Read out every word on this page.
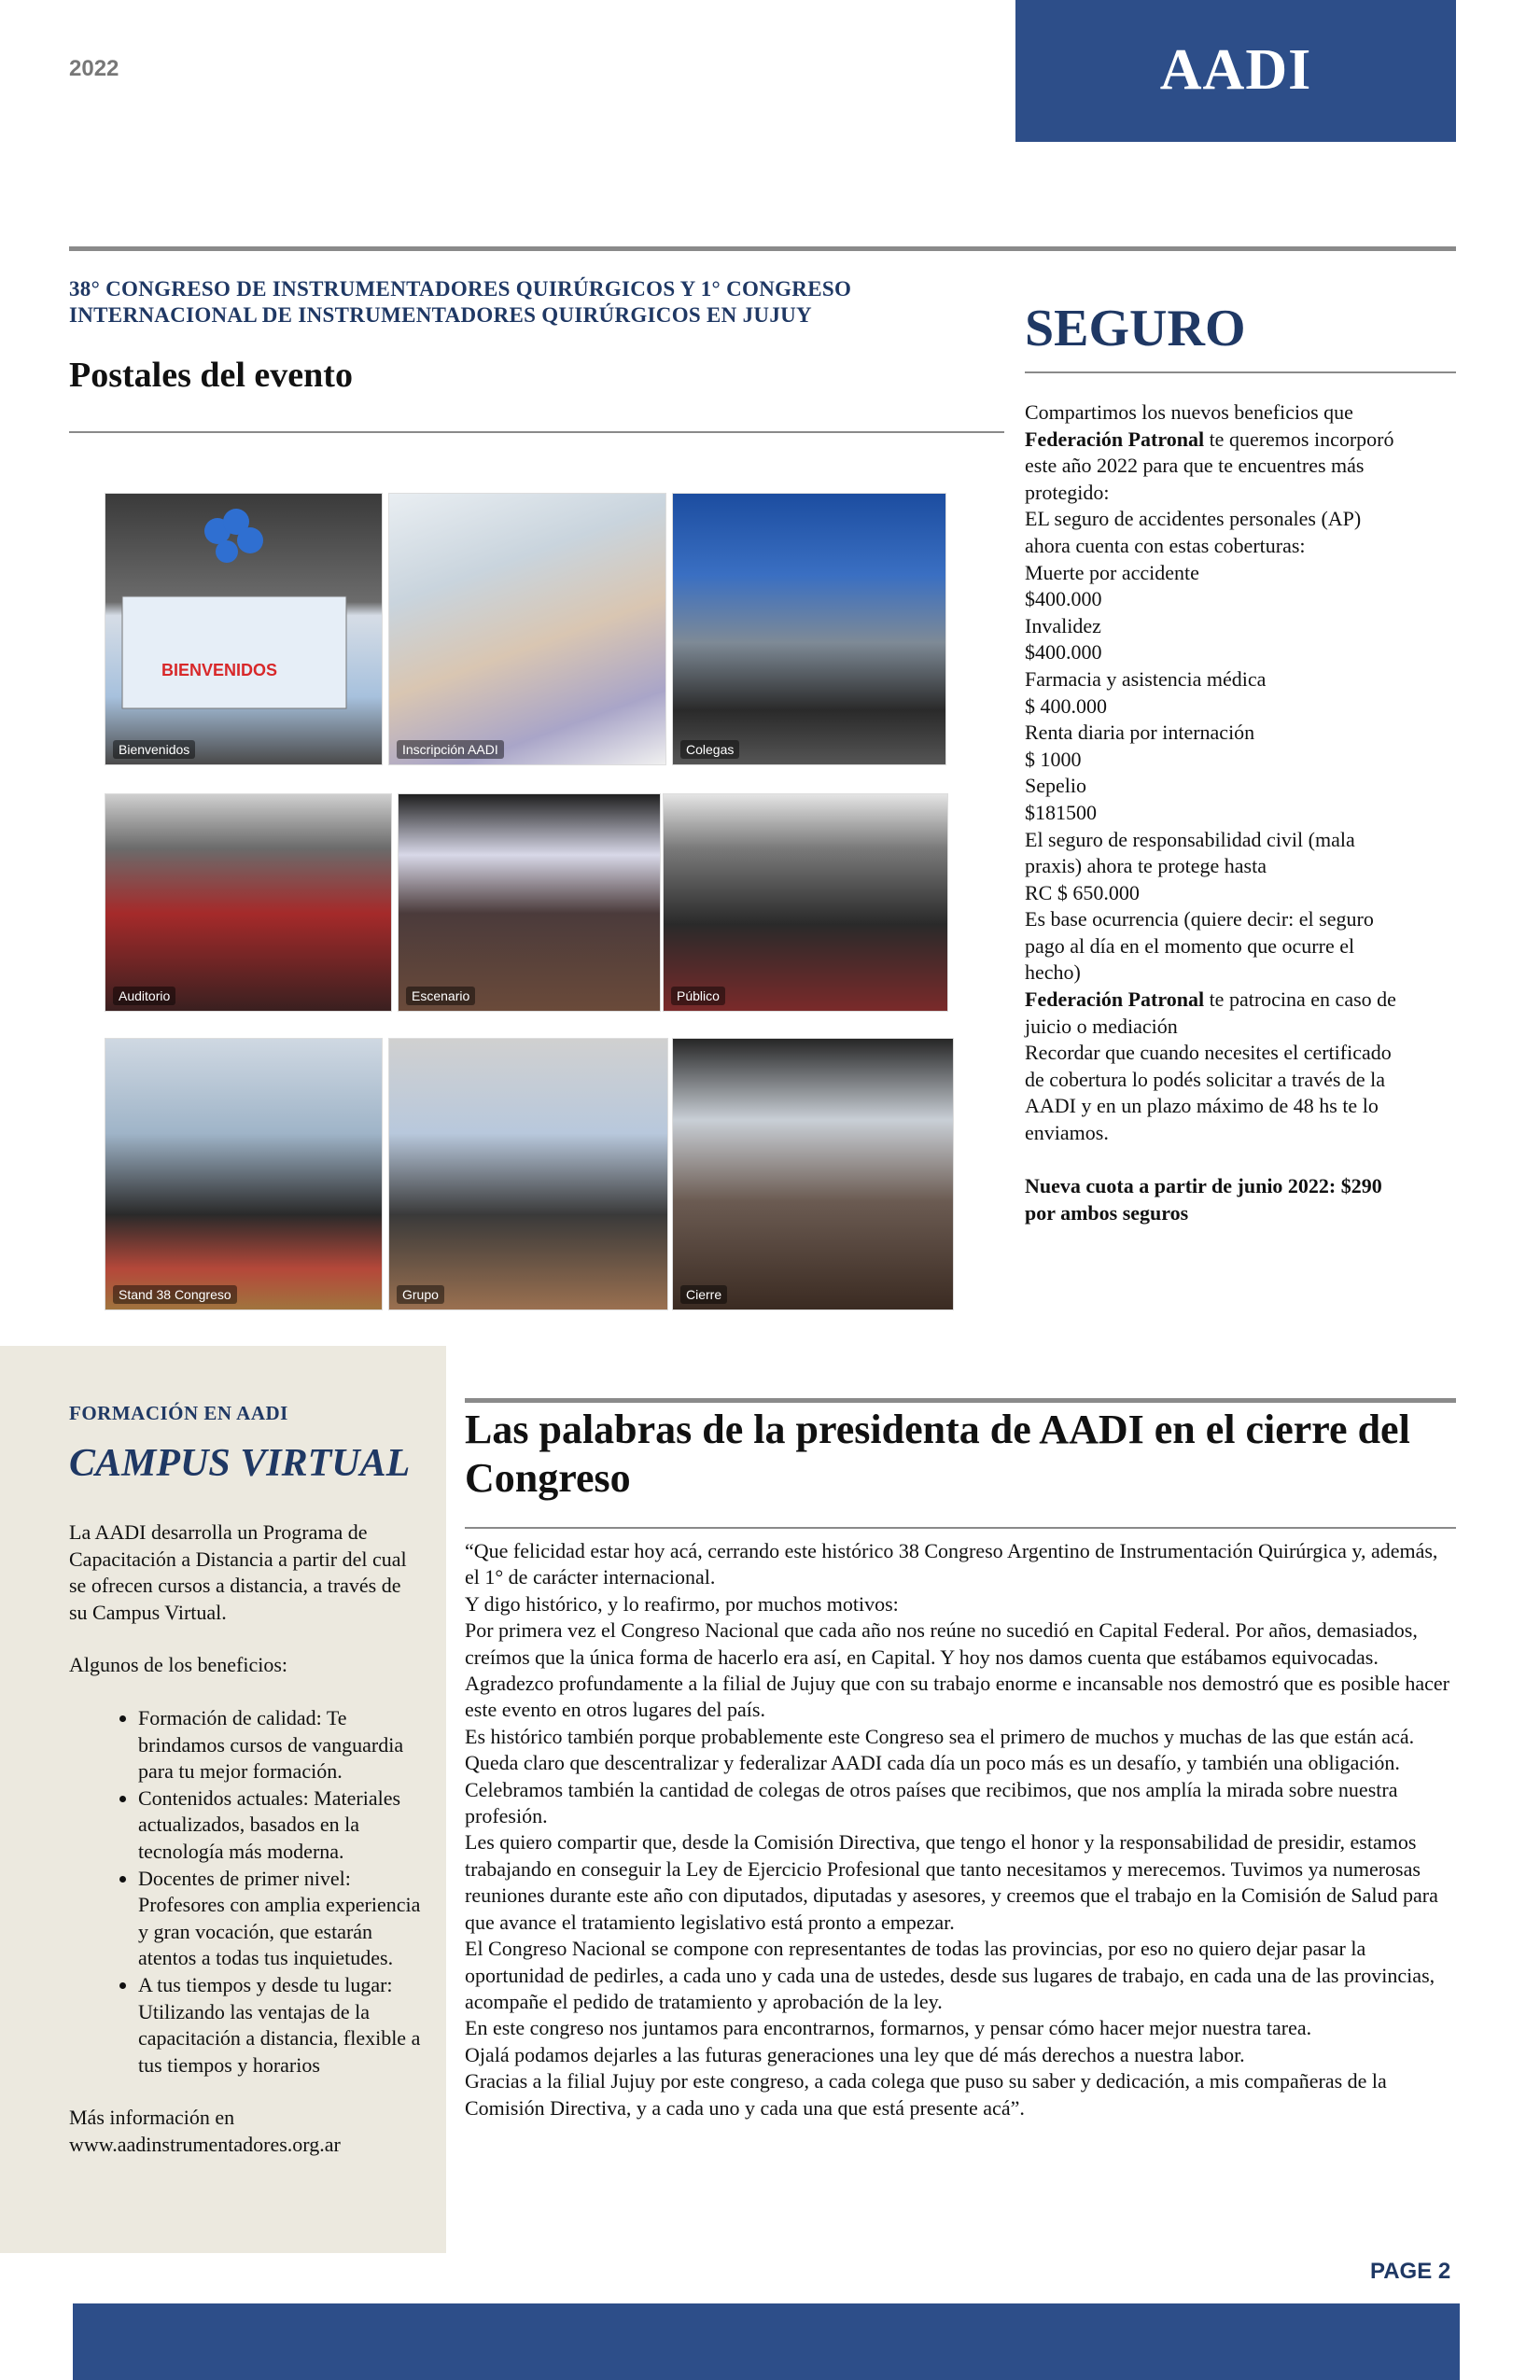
2022	AADI
38° CONGRESO DE INSTRUMENTADORES QUIRÚRGICOS Y 1° CONGRESO INTERNACIONAL DE INSTRUMENTADORES QUIRÚRGICOS EN JUJUY
Postales del evento
BIENVENIDOS
Bienvenidos	Inscripción AADI	Colegas
Auditorio	Escenario	Público
Stand 38 Congreso	Grupo	Cierre
SEGURO

Compartimos los nuevos beneficios que

Federación Patronal te queremos incorporó

este año 2022 para que te encuentres más

protegido:

EL seguro de accidentes personales (AP)

ahora cuenta con estas coberturas:

Muerte por accidente

$400.000

Invalidez

$400.000

Farmacia y asistencia médica

$ 400.000

Renta diaria por internación

$ 1000

Sepelio

$181500

El seguro de responsabilidad civil (mala

praxis) ahora te protege hasta

RC $ 650.000

Es base ocurrencia (quiere decir: el seguro

pago al día en el momento que ocurre el

hecho)

Federación Patronal te patrocina en caso de

juicio o mediación

Recordar que cuando necesites el certificado

de cobertura lo podés solicitar a través de la

AADI y en un plazo máximo de 48 hs te lo

enviamos.

Nueva cuota a partir de junio 2022: $290

por ambos seguros

FORMACIÓN EN AADI
CAMPUS VIRTUAL

La AADI desarrolla un Programa de Capacitación a Distancia a partir del cual se ofrecen cursos a distancia, a través de su Campus Virtual.

Algunos de los beneficios:

• Formación de calidad: Te brindamos cursos de vanguardia para tu mejor formación.
• Contenidos actuales: Materiales actualizados, basados en la tecnología más moderna.
• Docentes de primer nivel: Profesores con amplia experiencia y gran vocación, que estarán atentos a todas tus inquietudes.
• A tus tiempos y desde tu lugar: Utilizando las ventajas de la capacitación a distancia, flexible a tus tiempos y horarios

Más información en

www.aadinstrumentadores.org.ar

Las palabras de la presidenta de AADI en el cierre del Congreso

“Que felicidad estar hoy acá, cerrando este histórico 38 Congreso Argentino de Instrumentación Quirúrgica y, además, el 1° de carácter internacional.

Y digo histórico, y lo reafirmo, por muchos motivos:

Por primera vez el Congreso Nacional que cada año nos reúne no sucedió en Capital Federal. Por años, demasiados, creímos que la única forma de hacerlo era así, en Capital. Y hoy nos damos cuenta que estábamos equivocadas. Agradezco profundamente a la filial de Jujuy que con su trabajo enorme e incansable nos demostró que es posible hacer este evento en otros lugares del país.

Es histórico también porque probablemente este Congreso sea el primero de muchos y muchas de las que están acá. Queda claro que descentralizar y federalizar AADI cada día un poco más es un desafío, y también una obligación.

Celebramos también la cantidad de colegas de otros países que recibimos, que nos amplía la mirada sobre nuestra profesión.

Les quiero compartir que, desde la Comisión Directiva, que tengo el honor y la responsabilidad de presidir, estamos trabajando en conseguir la Ley de Ejercicio Profesional que tanto necesitamos y merecemos. Tuvimos ya numerosas reuniones durante este año con diputados, diputadas y asesores, y creemos que el trabajo en la Comisión de Salud para que avance el tratamiento legislativo está pronto a empezar.

El Congreso Nacional se compone con representantes de todas las provincias, por eso no quiero dejar pasar la oportunidad de pedirles, a cada uno y cada una de ustedes, desde sus lugares de trabajo, en cada una de las provincias, acompañe el pedido de tratamiento y aprobación de la ley.

En este congreso nos juntamos para encontrarnos, formarnos, y pensar cómo hacer mejor nuestra tarea.

Ojalá podamos dejarles a las futuras generaciones una ley que dé más derechos a nuestra labor.

Gracias a la filial Jujuy por este congreso, a cada colega que puso su saber y dedicación, a mis compañeras de la Comisión Directiva, y a cada uno y cada una que está presente acá”.

PAGE 2
